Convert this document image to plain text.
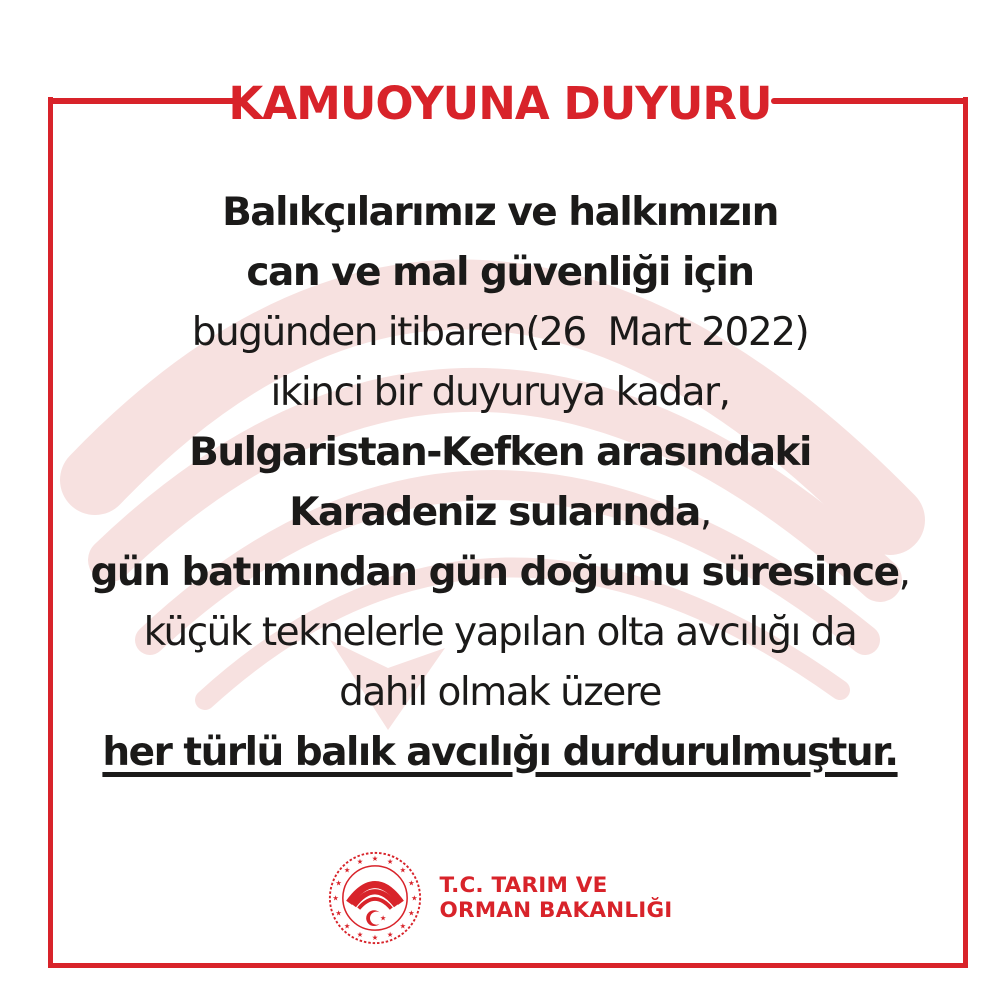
KAMUOYUNA DUYURU
Balıkçılarımız ve halkımızın
can ve mal güvenliği için
bugünden itibaren(26  Mart 2022)
ikinci bir duyuruya kadar,
Bulgaristan-Kefken arasındaki
Karadeniz sularında,
gün batımından gün doğumu süresince,
küçük teknelerle yapılan olta avcılığı da
dahil olmak üzere
her türlü balık avcılığı durdurulmuştur.
★ ★
★
★
★
★
★
★
★
★
★
★
★
★
★
★
★
T.C. TARIM VE
ORMAN BAKANLIĞI
